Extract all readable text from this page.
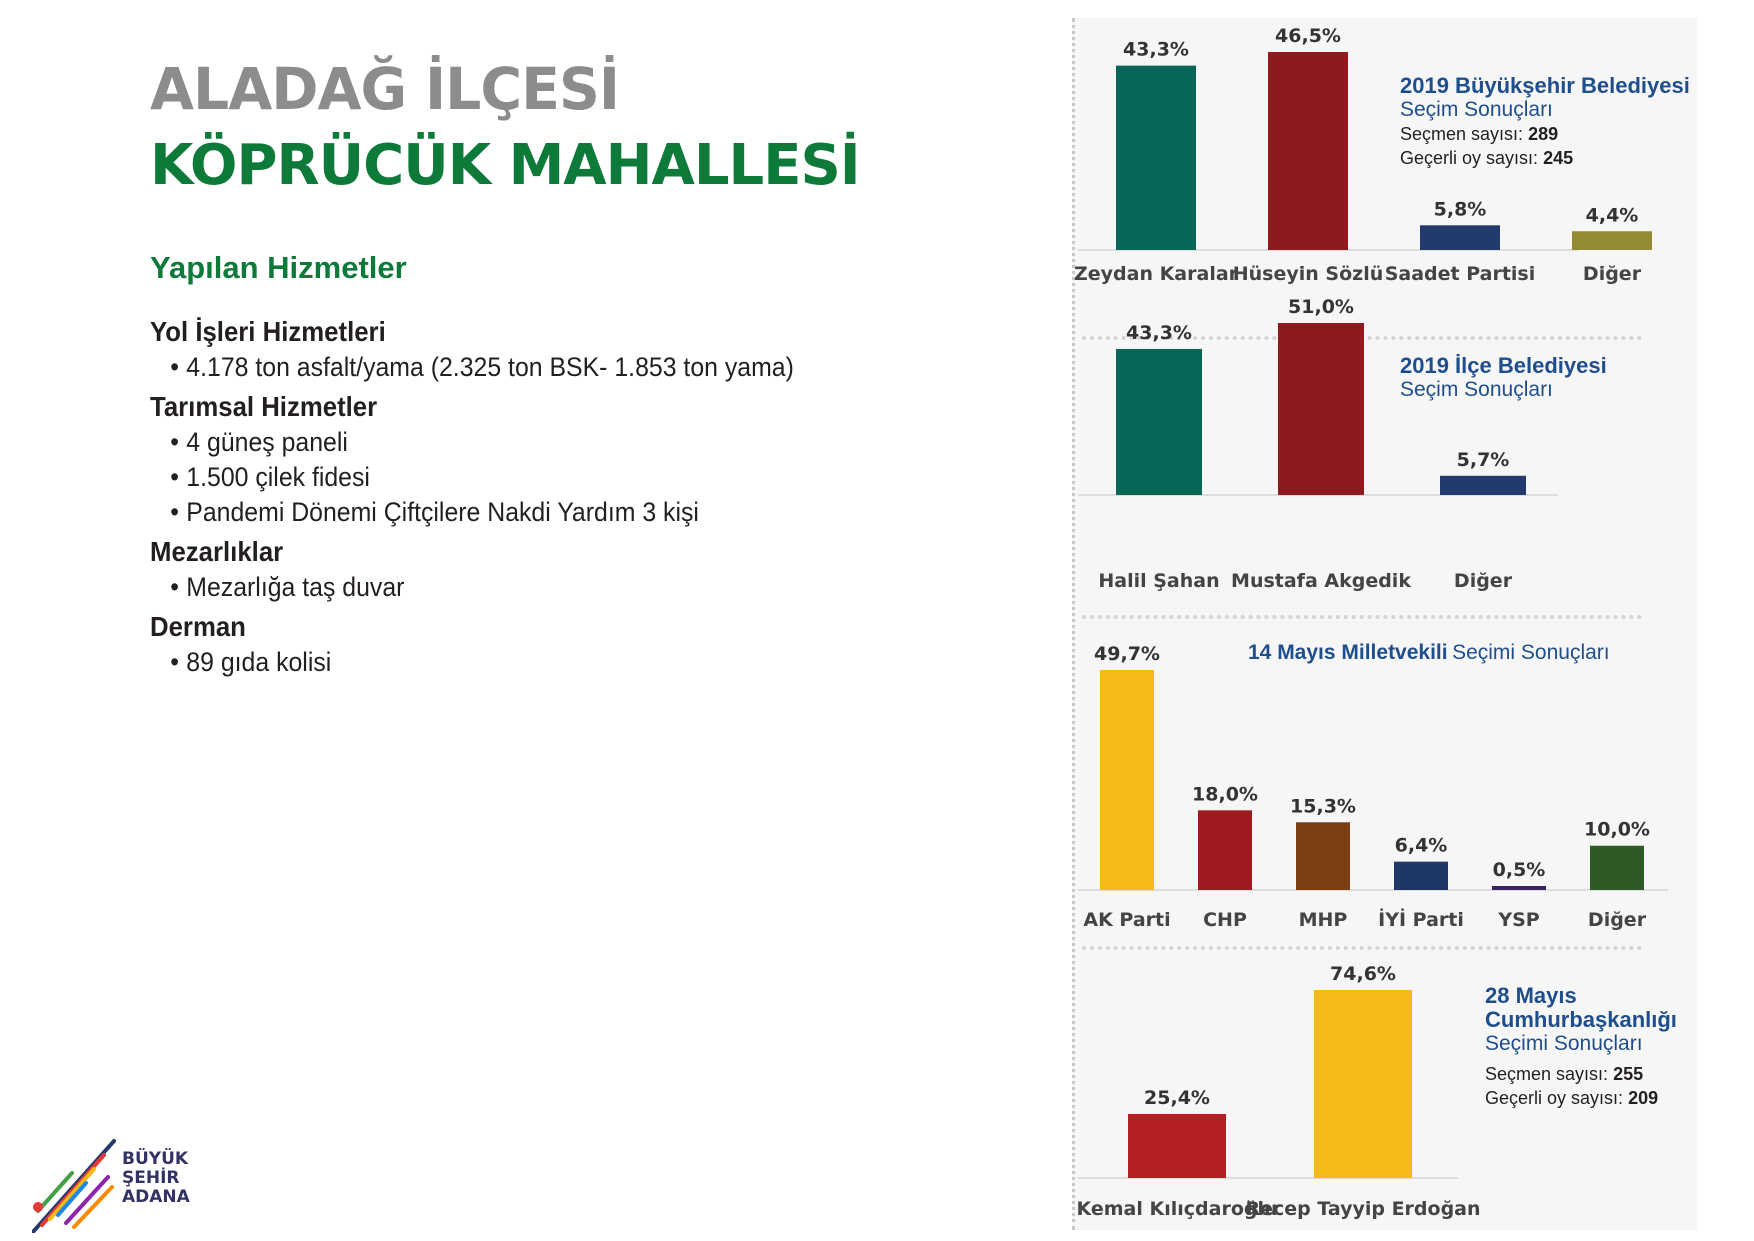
ALADAĞ İLÇESİ
KÖPRÜCÜK MAHALLESİ
Yapılan Hizmetler
Yol İşleri Hizmetleri
• 4.178 ton asfalt/yama (2.325 ton BSK- 1.853 ton yama)
Tarımsal Hizmetler
• 4 güneş paneli
• 1.500 çilek fidesi
• Pandemi Dönemi Çiftçilere Nakdi Yardım 3 kişi
Mezarlıklar
• Mezarlığa taş duvar
Derman
• 89 gıda kolisi
43,3%
Zeydan Karalar
46,5%
Hüseyin Sözlü
5,8%
Saadet Partisi
4,4%
Diğer
43,3%
Halil Şahan
51,0%
Mustafa Akgedik
5,7%
Diğer
49,7%
AK Parti
18,0%
CHP
15,3%
MHP
6,4%
İYİ Parti
0,5%
YSP
10,0%
Diğer
25,4%
Kemal Kılıçdaroğlu
74,6%
Recep Tayyip Erdoğan
2019 Büyükşehir Belediyesi
Seçim Sonuçları
Seçmen sayısı: 289
Geçerli oy sayısı: 245
2019 İlçe Belediyesi
Seçim Sonuçları
14 Mayıs Milletvekili Seçimi Sonuçları
28 Mayıs
Cumhurbaşkanlığı
Seçimi Sonuçları
Seçmen sayısı: 255
Geçerli oy sayısı: 209
BÜYÜK
ŞEHİR
ADANA
